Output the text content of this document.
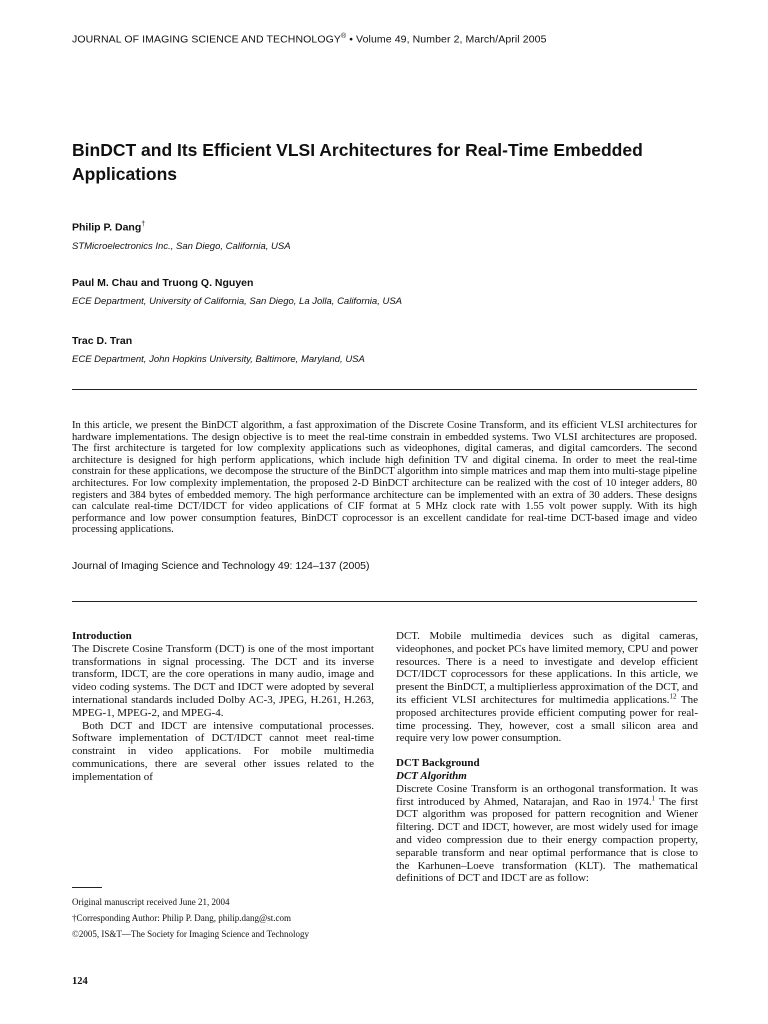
JOURNAL OF IMAGING SCIENCE AND TECHNOLOGY® • Volume 49, Number 2, March/April 2005
BinDCT and Its Efficient VLSI Architectures for Real-Time Embedded Applications
Philip P. Dang†
STMicroelectronics Inc., San Diego, California, USA
Paul M. Chau and Truong Q. Nguyen
ECE Department, University of California, San Diego, La Jolla, California, USA
Trac D. Tran
ECE Department, John Hopkins University, Baltimore, Maryland, USA

In this article, we present the BinDCT algorithm, a fast approximation of the Discrete Cosine Transform, and its efficient VLSI architectures for hardware implementations. The design objective is to meet the real-time constrain in embedded systems. Two VLSI architectures are proposed. The first architecture is targeted for low complexity applications such as videophones, digital cameras, and digital camcorders. The second architecture is designed for high perform applications, which include high definition TV and digital cinema. In order to meet the real-time constrain for these applications, we decompose the structure of the BinDCT algorithm into simple matrices and map them into multi-stage pipeline architectures. For low complexity implementation, the proposed 2-D BinDCT architecture can be realized with the cost of 10 integer adders, 80 registers and 384 bytes of embedded memory. The high performance architecture can be implemented with an extra of 30 adders. These designs can calculate real-time DCT/IDCT for video applications of CIF format at 5 MHz clock rate with 1.55 volt power supply. With its high performance and low power consumption features, BinDCT coprocessor is an excellent candidate for real-time DCT-based image and video processing applications.

Journal of Imaging Science and Technology 49: 124–137 (2005)

Introduction

The Discrete Cosine Transform (DCT) is one of the most important transformations in signal processing. The DCT and its inverse transform, IDCT, are the core operations in many audio, image and video coding systems. The DCT and IDCT were adopted by several international standards included Dolby AC-3, JPEG, H.261, H.263, MPEG-1, MPEG-2, and MPEG-4.

Both DCT and IDCT are intensive computational processes. Software implementation of DCT/IDCT cannot meet real-time constraint in video applications. For mobile multimedia communications, there are several other issues related to the implementation of

DCT. Mobile multimedia devices such as digital cameras, videophones, and pocket PCs have limited memory, CPU and power resources. There is a need to investigate and develop efficient DCT/IDCT coprocessors for these applications. In this article, we present the BinDCT, a multiplierless approximation of the DCT, and its efficient VLSI architectures for multimedia applications.$^{12}$ The proposed architectures provide efficient computing power for real-time processing. They, however, cost a small silicon area and require very low power consumption.

DCT Background

DCT Algorithm

Discrete Cosine Transform is an orthogonal transformation. It was first introduced by Ahmed, Natarajan, and Rao in 1974.$^1$ The first DCT algorithm was proposed for pattern recognition and Wiener filtering. DCT and IDCT, however, are most widely used for image and video compression due to their energy compaction property, separable transform and near optimal performance that is close to the Karhunen–Loeve transformation (KLT). The mathematical definitions of DCT and IDCT are as follow:

Original manuscript received June 21, 2004

†Corresponding Author: Philip P. Dang, philip.dang@st.com

©2005, IS&T—The Society for Imaging Science and Technology

124
